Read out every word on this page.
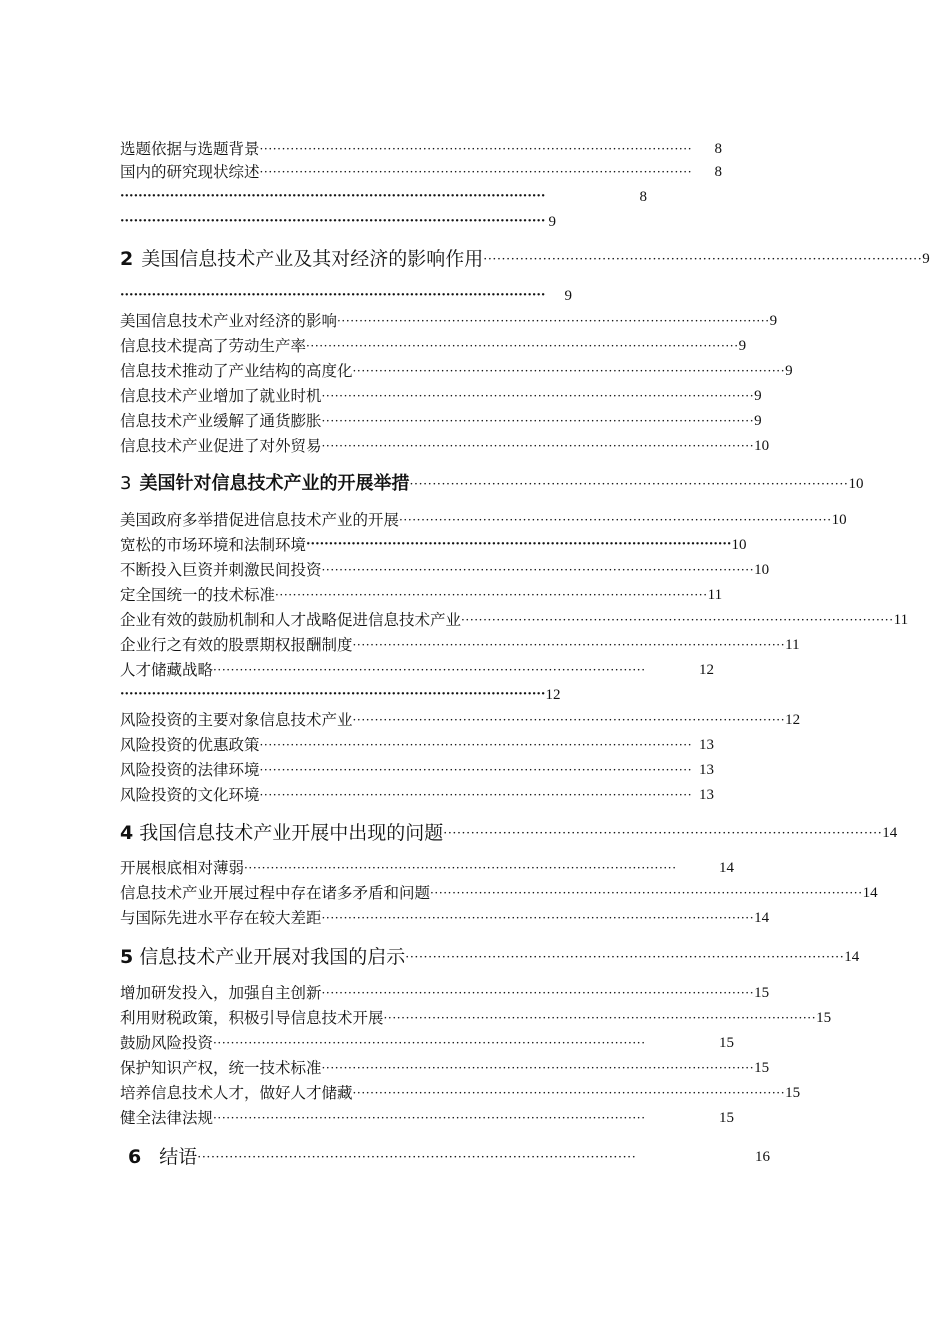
选题依据与选题背景 ··································································································	8
国内的研究现状综述 ··································································································	8
······························································································	8
······························································································ 9
2 美国信息技术产业及其对经济的影响作用 ································································································ 9
······························································································	9
美国信息技术产业对经济的影响 ·································································································· 9
信息技术提高了劳动生产率 ·································································································· 9
信息技术推动了产业结构的高度化 ·································································································· 9
信息技术产业增加了就业时机 ·································································································· 9
信息技术产业缓解了通货膨胀 ·································································································· 9
信息技术产业促进了对外贸易 ·································································································· 10
3 美国针对信息技术产业的开展举措 ································································································ 10
美国政府多举措促进信息技术产业的开展 ·································································································· 10
宽松的市场环境和法制环境 ······························································································ 10
不断投入巨资并刺激民间投资 ·································································································· 10
定全国统一的技术标准 ·································································································· 11
企业有效的鼓励机制和人才战略促进信息技术产业 ·································································································· 11
企业行之有效的股票期权报酬制度 ·································································································· 11
人才储藏战略 ··································································································	12
······························································································ 12
风险投资的主要对象信息技术产业 ·································································································· 12
风险投资的优惠政策 ·································································································· 13
风险投资的法律环境 ·································································································· 13
风险投资的文化环境 ·································································································· 13
4 我国信息技术产业开展中出现的问题 ································································································ 14
开展根底相对薄弱 ··································································································	14
信息技术产业开展过程中存在诸多矛盾和问题 ·································································································· 14
与国际先进水平存在较大差距 ·································································································· 14
5 信息技术产业开展对我国的启示 ································································································ 14
增加研发投入，加强自主创新 ·································································································· 15
利用财税政策，积极引导信息技术开展 ·································································································· 15
鼓励风险投资 ··································································································	15
保护知识产权，统一技术标准 ·································································································· 15
培养信息技术人才，做好人才储藏 ·································································································· 15
健全法律法规 ··································································································	15
6 结语 ································································································	16
